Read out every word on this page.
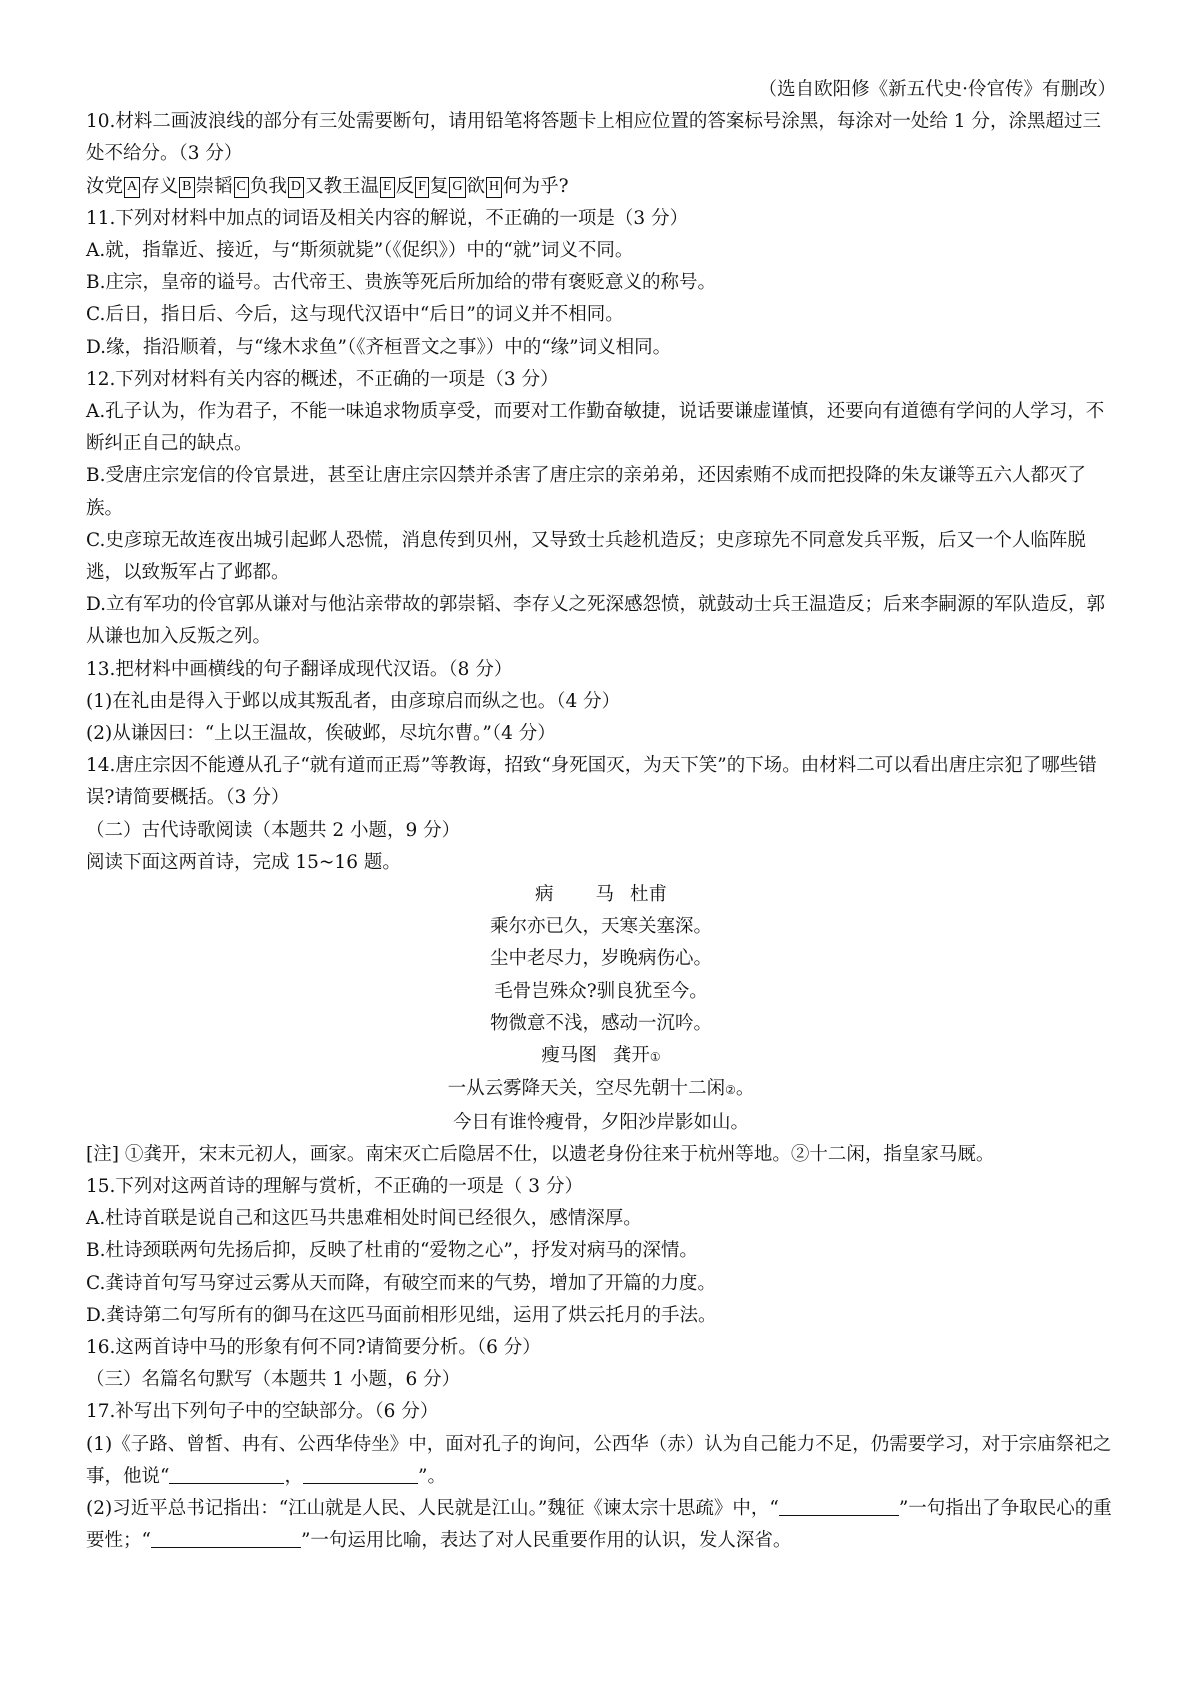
（选自欧阳修《新五代史·伶官传》有删改）
10.材料二画波浪线的部分有三处需要断句，请用铅笔将答题卡上相应位置的答案标号涂黑，每涂对一处给 1 分，涂黑超过三处不给分。（3 分）
汝党 A 存义 B 崇韬 C 负我 D 又教王温 E 反 F 复 G 欲 H 何为乎?
11.下列对材料中加点的词语及相关内容的解说，不正确的一项是（3 分）
A.就，指靠近、接近，与“斯须就毙”（《促织》）中的“就”词义不同。
B.庄宗，皇帝的谥号。古代帝王、贵族等死后所加给的带有褒贬意义的称号。
C.后日，指日后、今后，这与现代汉语中“后日”的词义并不相同。
D.缘，指沿顺着，与“缘木求鱼”（《齐桓晋文之事》）中的“缘”词义相同。
12.下列对材料有关内容的概述，不正确的一项是（3 分）
A.孔子认为，作为君子，不能一味追求物质享受，而要对工作勤奋敏捷，说话要谦虚谨慎，还要向有道德有学问的人学习，不断纠正自己的缺点。
B.受唐庄宗宠信的伶官景进，甚至让唐庄宗囚禁并杀害了唐庄宗的亲弟弟，还因索贿不成而把投降的朱友谦等五六人都灭了族。
C.史彦琼无故连夜出城引起邺人恐慌，消息传到贝州，又导致士兵趁机造反；史彦琼先不同意发兵平叛，后又一个人临阵脱逃，以致叛军占了邺都。
D.立有军功的伶官郭从谦对与他沾亲带故的郭崇韬、李存乂之死深感怨愤，就鼓动士兵王温造反；后来李嗣源的军队造反，郭从谦也加入反叛之列。
13.把材料中画横线的句子翻译成现代汉语。（8 分）
(1)在礼由是得入于邺以成其叛乱者，由彦琼启而纵之也。（4 分）
(2)从谦因曰：“上以王温故，俟破邺，尽坑尔曹。”（4 分）
14.唐庄宗因不能遵从孔子“就有道而正焉”等教诲，招致“身死国灭，为天下笑”的下场。由材料二可以看出唐庄宗犯了哪些错误?请简要概括。（3 分）
（二）古代诗歌阅读（本题共 2 小题，9 分）
阅读下面这两首诗，完成 15~16 题。
病 马 杜甫
乘尔亦已久，天寒关塞深。
尘中老尽力，岁晚病伤心。
毛骨岂殊众?驯良犹至今。
物微意不浅，感动一沉吟。
瘦马图 龚开①
一从云雾降天关，空尽先朝十二闲②。
今日有谁怜瘦骨，夕阳沙岸影如山。
[注] ①龚开，宋末元初人，画家。南宋灭亡后隐居不仕，以遗老身份往来于杭州等地。②十二闲，指皇家马厩。
15.下列对这两首诗的理解与赏析，不正确的一项是（ 3 分）
A.杜诗首联是说自己和这匹马共患难相处时间已经很久，感情深厚。
B.杜诗颈联两句先扬后抑，反映了杜甫的“爱物之心”，抒发对病马的深情。
C.龚诗首句写马穿过云雾从天而降，有破空而来的气势，增加了开篇的力度。
D.龚诗第二句写所有的御马在这匹马面前相形见绌，运用了烘云托月的手法。
16.这两首诗中马的形象有何不同?请简要分析。（6 分）
（三）名篇名句默写（本题共 1 小题，6 分）
17.补写出下列句子中的空缺部分。（6 分）
(1)《子路、曾皙、冉有、公西华侍坐》中，面对孔子的询问，公西华（赤）认为自己能力不足，仍需要学习，对于宗庙祭祀之事，他说“	，	”。
(2)习近平总书记指出：“江山就是人民、人民就是江山。”魏征《谏太宗十思疏》中，“	”一句指出了争取民心的重要性；“	”一句运用比喻，表达了对人民重要作用的认识，发人深省。
